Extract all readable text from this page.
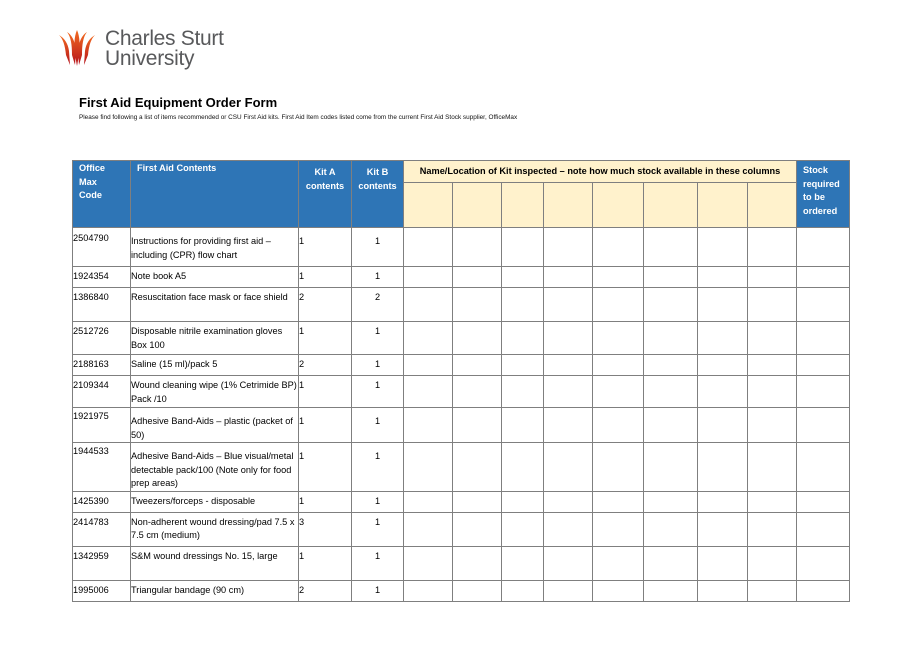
Charles Sturt
University
First Aid Equipment Order Form
Please find following a list of items recommended or CSU First Aid kits. First Aid Item codes listed come from the current First Aid Stock supplier, OfficeMax
Office Max Code	First Aid Contents	Kit A contents	Kit B contents	Name/Location of Kit inspected – note how much stock available in these columns								Stock required to be ordered

2504790	Instructions for providing first aid – including (CPR) flow chart	1	1									
1924354	Note book A5	1	1									
1386840	Resuscitation face mask or face shield	2	2									
2512726	Disposable nitrile examination gloves Box 100	1	1									
2188163	Saline (15 ml)/pack 5	2	1									
2109344	Wound cleaning wipe (1% Cetrimide BP) Pack /10	1	1									
1921975	Adhesive Band-Aids – plastic (packet of 50)	1	1									
1944533	Adhesive Band-Aids – Blue visual/metal detectable pack/100 (Note only for food prep areas)	1	1									
1425390	Tweezers/forceps - disposable	1	1									
2414783	Non-adherent wound dressing/pad 7.5 x 7.5 cm (medium)	3	1									
1342959	S&M wound dressings No. 15, large	1	1									
1995006	Triangular bandage (90 cm)	2	1									
